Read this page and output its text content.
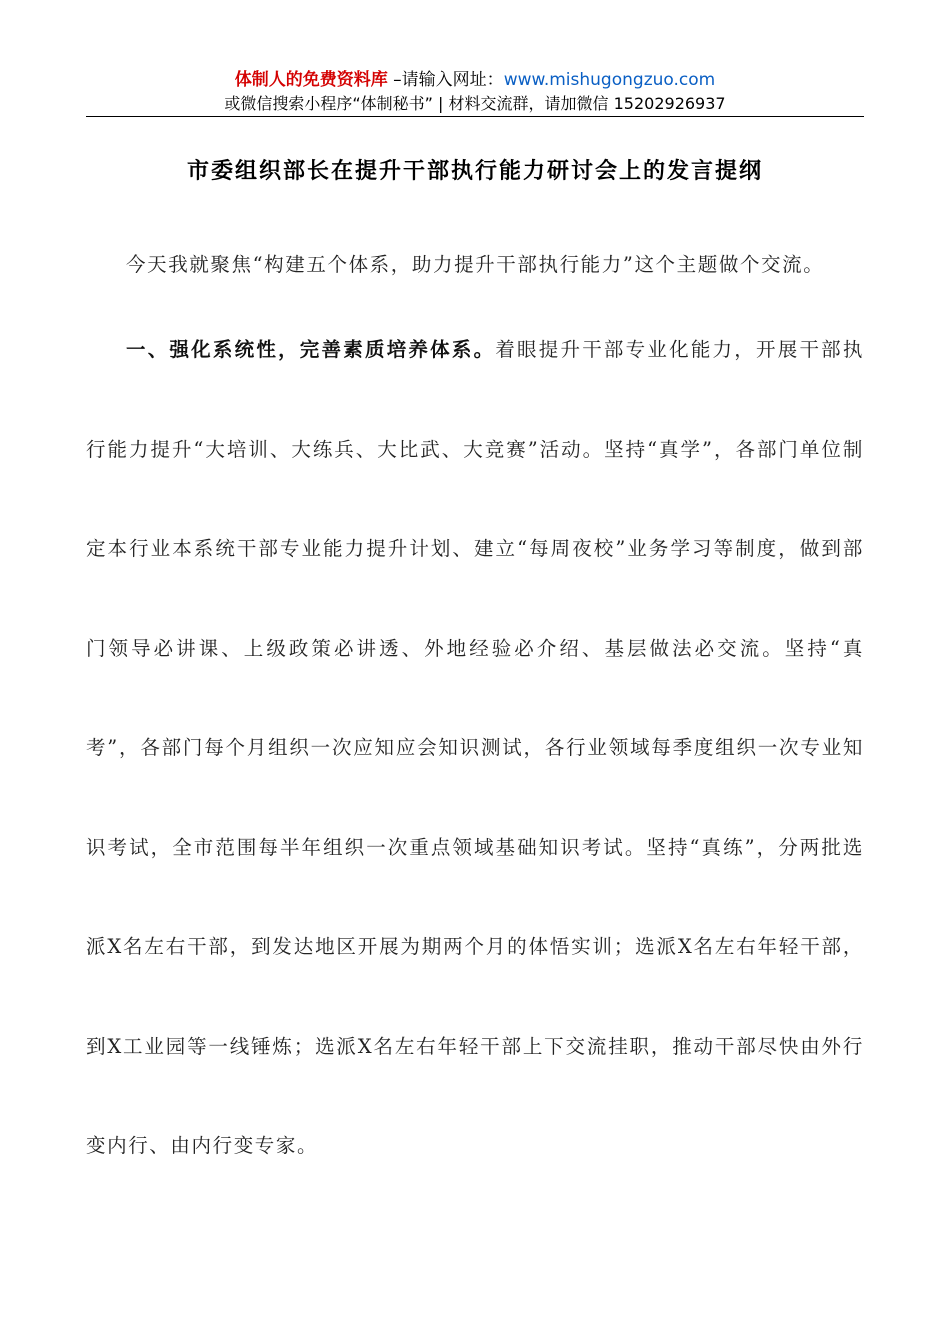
体制人的免费资料库 –请输入网址：www.mishugongzuo.com
或微信搜索小程序“体制秘书” | 材料交流群，请加微信 15202926937
市委组织部长在提升干部执行能力研讨会上的发言提纲
今天我就聚焦“构建五个体系，助力提升干部执行能力”这个主题做个交流。
一、强化系统性，完善素质培养体系。着眼提升干部专业化能力，开展干部执行能力提升“大培训、大练兵、大比武、大竞赛”活动。坚持“真学”，各部门单位制定本行业本系统干部专业能力提升计划、建立“每周夜校”业务学习等制度，做到部门领导必讲课、上级政策必讲透、外地经验必介绍、基层做法必交流。坚持“真考”，各部门每个月组织一次应知应会知识测试，各行业领域每季度组织一次专业知识考试，全市范围每半年组织一次重点领域基础知识考试。坚持“真练”，分两批选派X名左右干部，到发达地区开展为期两个月的体悟实训；选派X名左右年轻干部，到X工业园等一线锤炼；选派X名左右年轻干部上下交流挂职，推动干部尽快由外行变内行、由内行变专家。
